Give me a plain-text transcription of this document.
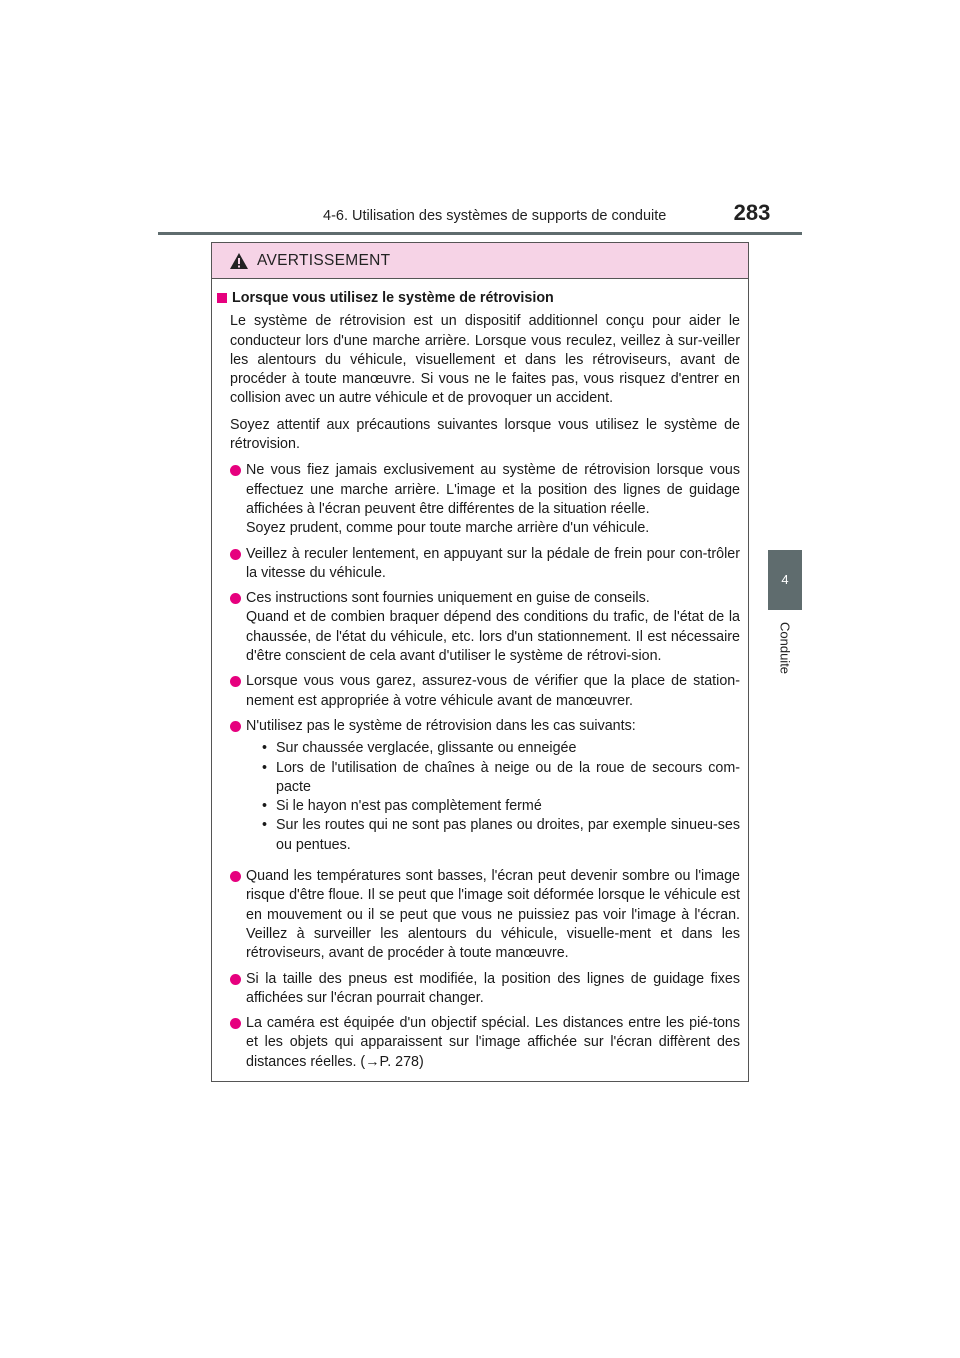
4-6. Utilisation des systèmes de supports de conduite	283
4
Conduite
AVERTISSEMENT
Lorsque vous utilisez le système de rétrovision
Le système de rétrovision est un dispositif additionnel conçu pour aider le conducteur lors d'une marche arrière. Lorsque vous reculez, veillez à sur-veiller les alentours du véhicule, visuellement et dans les rétroviseurs, avant de procéder à toute manœuvre. Si vous ne le faites pas, vous risquez d'entrer en collision avec un autre véhicule et de provoquer un accident.
Soyez attentif aux précautions suivantes lorsque vous utilisez le système de rétrovision.
Ne vous fiez jamais exclusivement au système de rétrovision lorsque vous effectuez une marche arrière. L'image et la position des lignes de guidage affichées à l'écran peuvent être différentes de la situation réelle.
Soyez prudent, comme pour toute marche arrière d'un véhicule.
Veillez à reculer lentement, en appuyant sur la pédale de frein pour con-trôler la vitesse du véhicule.
Ces instructions sont fournies uniquement en guise de conseils.
Quand et de combien braquer dépend des conditions du trafic, de l'état de la chaussée, de l'état du véhicule, etc. lors d'un stationnement. Il est nécessaire d'être conscient de cela avant d'utiliser le système de rétrovi-sion.
Lorsque vous vous garez, assurez-vous de vérifier que la place de station-nement est appropriée à votre véhicule avant de manœuvrer.
N'utilisez pas le système de rétrovision dans les cas suivants:
• Sur chaussée verglacée, glissante ou enneigée
• Lors de l'utilisation de chaînes à neige ou de la roue de secours com-pacte
• Si le hayon n'est pas complètement fermé
• Sur les routes qui ne sont pas planes ou droites, par exemple sinueu-ses ou pentues.
Quand les températures sont basses, l'écran peut devenir sombre ou l'image risque d'être floue. Il se peut que l'image soit déformée lorsque le véhicule est en mouvement ou il se peut que vous ne puissiez pas voir l'image à l'écran. Veillez à surveiller les alentours du véhicule, visuelle-ment et dans les rétroviseurs, avant de procéder à toute manœuvre.
Si la taille des pneus est modifiée, la position des lignes de guidage fixes affichées sur l'écran pourrait changer.
La caméra est équipée d'un objectif spécial. Les distances entre les pié-tons et les objets qui apparaissent sur l'image affichée sur l'écran diffèrent des distances réelles. (→P. 278)
